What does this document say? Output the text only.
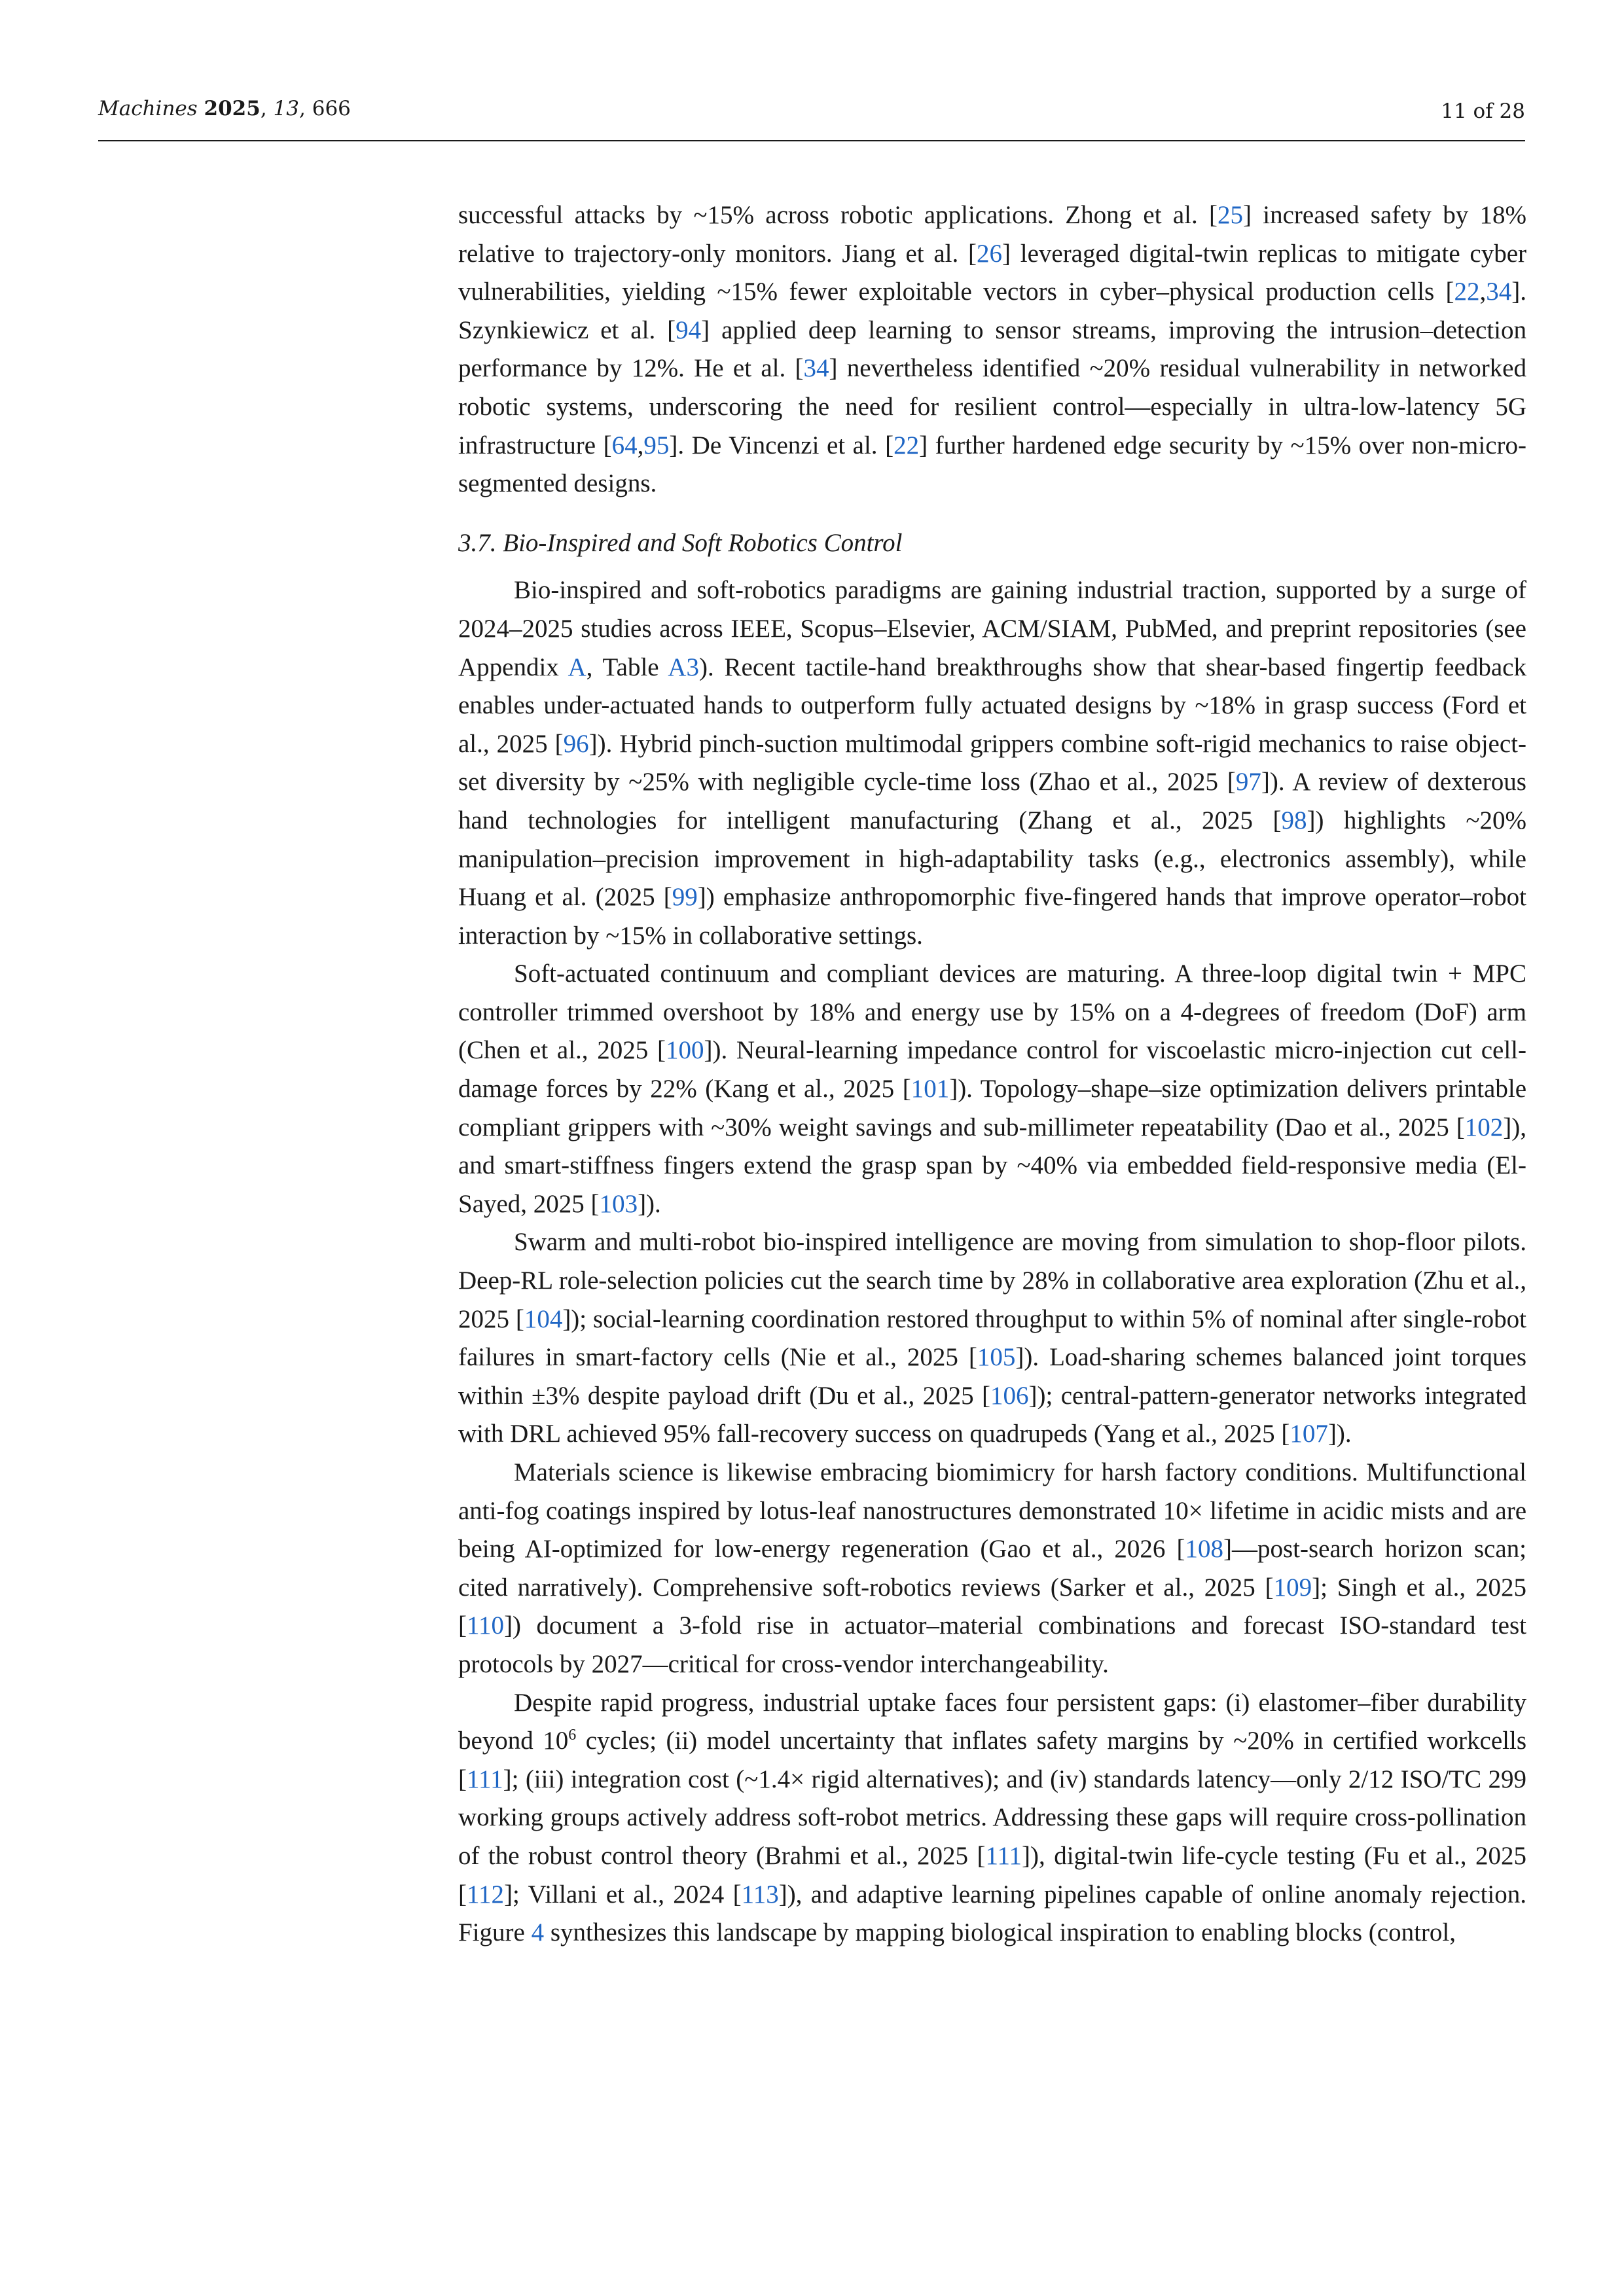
Machines 2025, 13, 666	11 of 28

successful attacks by ~15% across robotic applications. Zhong et al. [25] increased safety by 18% relative to trajectory-only monitors. Jiang et al. [26] leveraged digital-twin replicas to mitigate cyber vulnerabilities, yielding ~15% fewer exploitable vectors in cyber–physical production cells [22,34]. Szynkiewicz et al. [94] applied deep learning to sensor streams, improving the intrusion–detection performance by 12%. He et al. [34] nevertheless identified ~20% residual vulnerability in networked robotic systems, underscoring the need for resilient control—especially in ultra-low-latency 5G infrastructure [64,95]. De Vincenzi et al. [22] further hardened edge security by ~15% over non-micro-segmented designs.

3.7. Bio-Inspired and Soft Robotics Control

Bio-inspired and soft-robotics paradigms are gaining industrial traction, supported by a surge of 2024–2025 studies across IEEE, Scopus–Elsevier, ACM/SIAM, PubMed, and preprint repositories (see Appendix A, Table A3). Recent tactile-hand breakthroughs show that shear-based fingertip feedback enables under-actuated hands to outperform fully actuated designs by ~18% in grasp success (Ford et al., 2025 [96]). Hybrid pinch-suction multimodal grippers combine soft-rigid mechanics to raise object-set diversity by ~25% with negligible cycle-time loss (Zhao et al., 2025 [97]). A review of dexterous hand technologies for intelligent manufacturing (Zhang et al., 2025 [98]) highlights ~20% manipulation–precision improvement in high-adaptability tasks (e.g., electronics assembly), while Huang et al. (2025 [99]) emphasize anthropomorphic five-fingered hands that improve operator–robot interaction by ~15% in collaborative settings.

Soft-actuated continuum and compliant devices are maturing. A three-loop digital twin + MPC controller trimmed overshoot by 18% and energy use by 15% on a 4-degrees of freedom (DoF) arm (Chen et al., 2025 [100]). Neural-learning impedance control for viscoelastic micro-injection cut cell-damage forces by 22% (Kang et al., 2025 [101]). Topology–shape–size optimization delivers printable compliant grippers with ~30% weight savings and sub-millimeter repeatability (Dao et al., 2025 [102]), and smart-stiffness fingers extend the grasp span by ~40% via embedded field-responsive media (El-Sayed, 2025 [103]).

Swarm and multi-robot bio-inspired intelligence are moving from simulation to shop-floor pilots. Deep-RL role-selection policies cut the search time by 28% in collaborative area exploration (Zhu et al., 2025 [104]); social-learning coordination restored throughput to within 5% of nominal after single-robot failures in smart-factory cells (Nie et al., 2025 [105]). Load-sharing schemes balanced joint torques within ±3% despite payload drift (Du et al., 2025 [106]); central-pattern-generator networks integrated with DRL achieved 95% fall-recovery success on quadrupeds (Yang et al., 2025 [107]).

Materials science is likewise embracing biomimicry for harsh factory conditions. Multifunctional anti-fog coatings inspired by lotus-leaf nanostructures demonstrated 10× lifetime in acidic mists and are being AI-optimized for low-energy regeneration (Gao et al., 2026 [108]—post-search horizon scan; cited narratively). Comprehensive soft-robotics reviews (Sarker et al., 2025 [109]; Singh et al., 2025 [110]) document a 3-fold rise in actuator–material combinations and forecast ISO-standard test protocols by 2027—critical for cross-vendor interchangeability.

Despite rapid progress, industrial uptake faces four persistent gaps: (i) elastomer–fiber durability beyond $10^6$ cycles; (ii) model uncertainty that inflates safety margins by ~20% in certified workcells [111]; (iii) integration cost (~1.4× rigid alternatives); and (iv) standards latency—only 2/12 ISO/TC 299 working groups actively address soft-robot metrics. Addressing these gaps will require cross-pollination of the robust control theory (Brahmi et al., 2025 [111]), digital-twin life-cycle testing (Fu et al., 2025 [112]; Villani et al., 2024 [113]), and adaptive learning pipelines capable of online anomaly rejection. Figure 4 synthesizes this landscape by mapping biological inspiration to enabling blocks (control,
